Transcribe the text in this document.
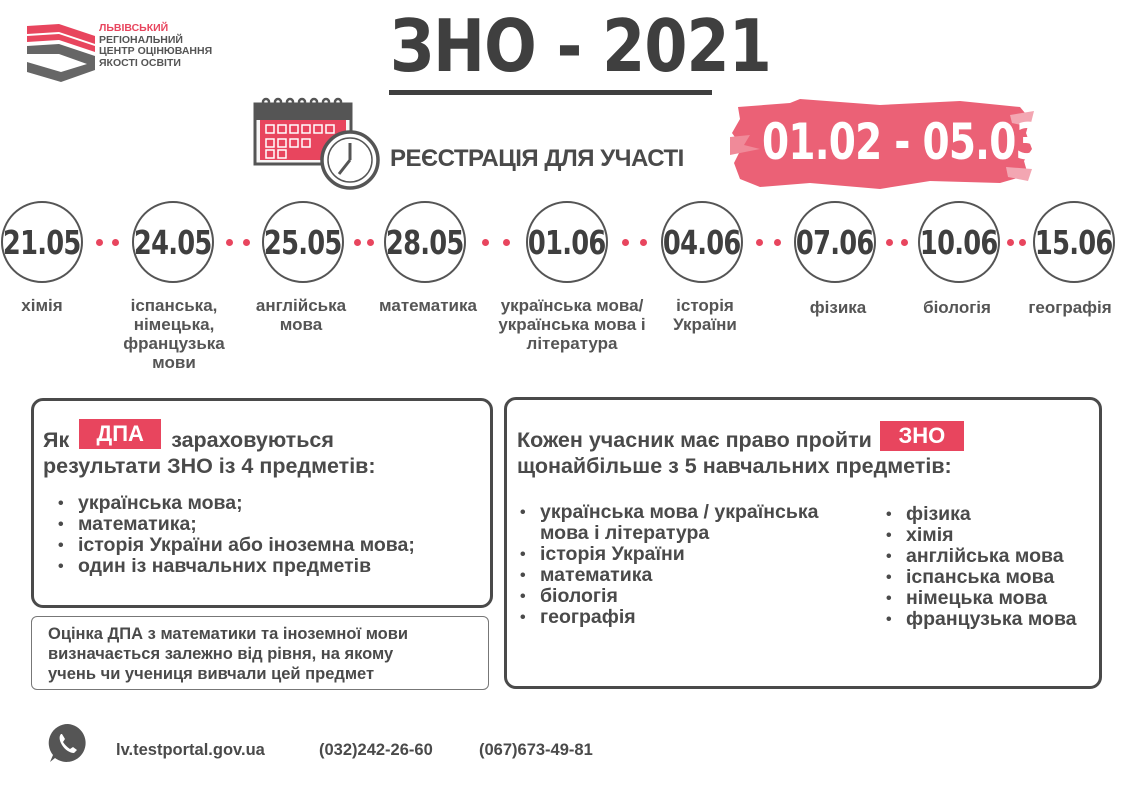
ЛЬВІВСЬКИЙ
РЕГІОНАЛЬНИЙ
ЦЕНТР ОЦІНЮВАННЯ
ЯКОСТІ ОСВІТИ	ЗНО - 2021
РЕЄСТРАЦІЯ ДЛЯ УЧАСТІ 01.02 - 05.03
21.05
хімія
24.05
іспанська, німецька, французька мови
25.05
англійська мова
28.05
математика
01.06
українська мова/ українська мова і література
04.06
історія України
07.06
фізика
10.06
біологія
15.06
географія
Як ДПА зараховуються
результати ЗНО із 4 предметів:
• українська мова;
• математика;
• історія України або іноземна мова;
• один із навчальних предметів
Оцінка ДПА з математики та іноземної мови
визначається залежно від рівня, на якому
учень чи учениця вивчали цей предмет
Кожен учасник має право пройти ЗНО
щонайбільше з 5 навчальних предметів:
• українська мова / українська мова і література
• історія України
• математика
• біологія
• географія
• фізика
• хімія
• англійська мова
• іспанська мова
• німецька мова
• французька мова
lv.testportal.gov.ua	(032)242-26-60	(067)673-49-81
